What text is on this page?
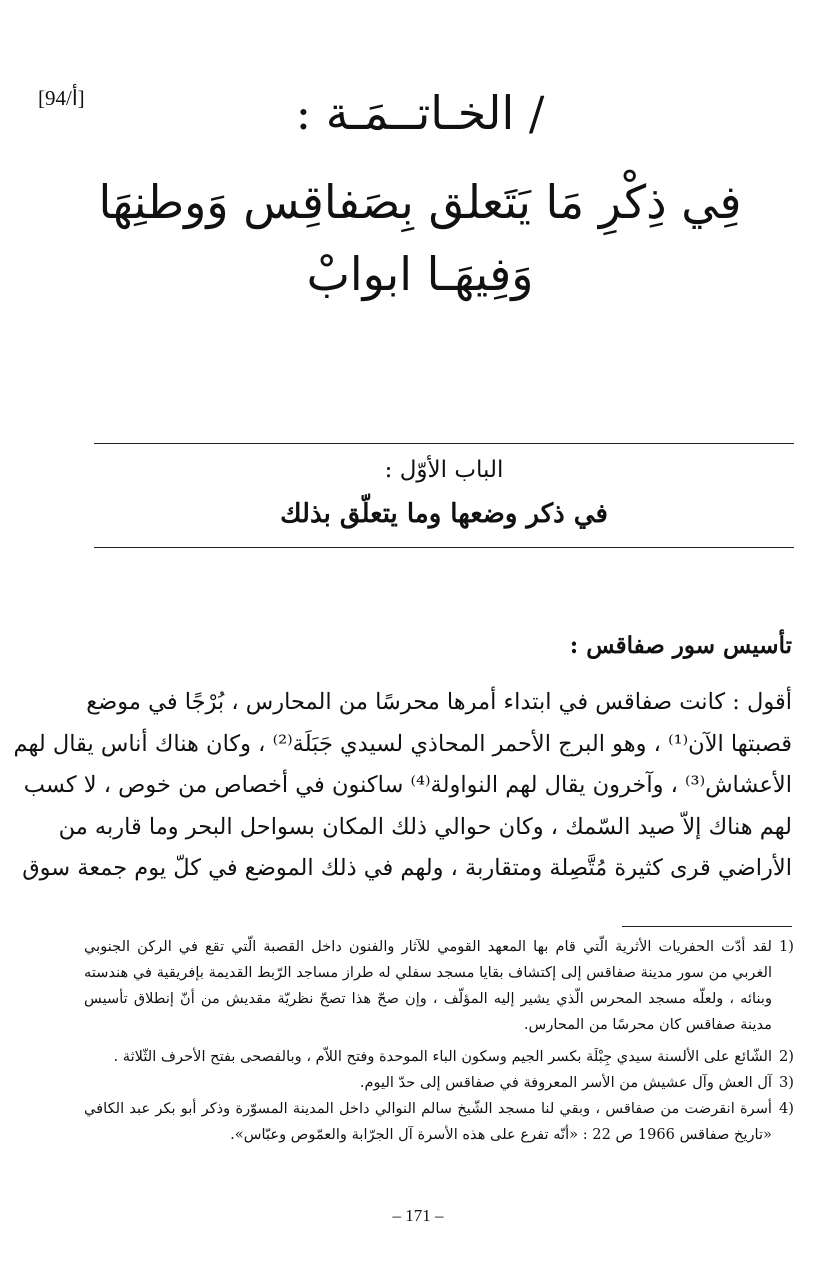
[أ/94]	/ الخـاتــمَـة :
فِي ذِكْرِ مَا يَتَعلق بِصَفاقِس وَوطنِهَا
وَفِيهَـا ابوابْ
الباب الأوّل :
في ذكر وضعها وما يتعلّق بذلك
تأسيس سور صفاقس :
أقول : كانت صفاقس في ابتداء أمرها محرسًا من المحارس ، بُرْجًا في موضع
قصبتها الآن⁽¹⁾ ، وهو البرج الأحمر المحاذي لسيدي جَبَلَة⁽²⁾ ، وكان هناك أناس يقال لهم
الأعشاش⁽³⁾ ، وآخرون يقال لهم النواولة⁽⁴⁾ ساكنون في أخصاص من خوص ، لا كسب
لهم هناك إلاّ صيد السّمك ، وكان حوالي ذلك المكان بسواحل البحر وما قاربه من
الأراضي قرى كثيرة مُتَّصِلة ومتقاربة ، ولهم في ذلك الموضع في كلّ يوم جمعة سوق
1)
لقد أدّت الحفريات الأثرية الّتي قام بها المعهد القومي للآثار والفنون داخل القصبة الّتي تقع في الركن الجنوبي
الغربي من سور مدينة صفاقس إلى إكتشاف بقايا مسجد سفلي له طراز مساجد الرّبط القديمة بإفريقية في هندسته
وبنائه ، ولعلّه مسجد المحرس الّذي يشير إليه المؤلّف ، وإن صحّ هذا تصحّ نظريّة مقديش من أنّ إنطلاق تأسيس
مدينة صفاقس كان محرسًا من المحارس.
2)
الشّائع على الألسنة سيدي جِبْلَة بكسر الجيم وسكون الباء الموحدة وفتح اللاّم ، وبالفصحى بفتح الأحرف الثّلاثة .
3)
آل العش وآل عشيش من الأسر المعروفة في صفاقس إلى حدّ اليوم.
4)
أسرة انقرضت من صفاقس ، وبقي لنا مسجد الشّيخ سالم النوالي داخل المدينة المسوّرة وذكر أبو بكر عبد الكافي
«تاريخ صفاقس 1966 ص 22 : «أنّه تفرع على هذه الأسرة آل الجرّابة والعمّوص وعبّاس».
– 171 –
